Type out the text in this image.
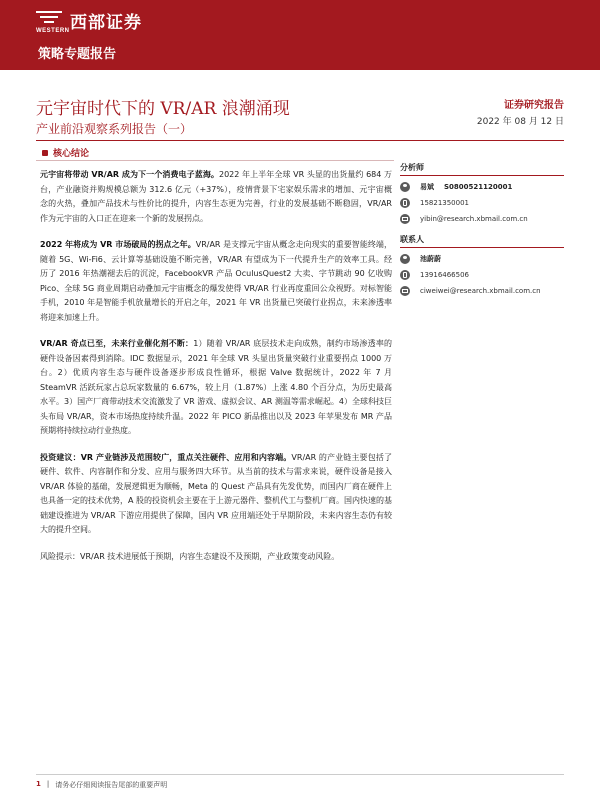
西部证券
WESTERN
策略专题报告
元宇宙时代下的 VR/AR 浪潮涌现
产业前沿观察系列报告（一）
证券研究报告
2022 年 08 月 12 日
核心结论

元宇宙将带动 VR/AR 成为下一个消费电子蓝海。2022 年上半年全球 VR 头显的出货量约 684 万台，产业融资并购规模总额为 312.6 亿元（+37%），疫情背景下宅家娱乐需求的增加、元宇宙概念的火热，叠加产品技术与性价比的提升，内容生态更为完善，行业的发展基础不断稳固，VR/AR 作为元宇宙的入口正在迎来一个新的发展拐点。

2022 年将成为 VR 市场破局的拐点之年。VR/AR 是支撑元宇宙从概念走向现实的重要智能终端，随着 5G、Wi-Fi6、云计算等基础设施不断完善，VR/AR 有望成为下一代提升生产的效率工具。经历了 2016 年热潮褪去后的沉淀，FacebookVR 产品 OculusQuest2 大卖、字节跳动 90 亿收购 Pico、全球 5G 商业周期启动叠加元宇宙概念的爆发使得 VR/AR 行业再度重回公众视野。对标智能手机，2010 年是智能手机放量增长的开启之年，2021 年 VR 出货量已突破行业拐点，未来渗透率将迎来加速上升。

VR/AR 奇点已至，未来行业催化剂不断：1）随着 VR/AR 底层技术走向成熟，制约市场渗透率的硬件设备因素得到消除。IDC 数据显示，2021 年全球 VR 头显出货量突破行业重要拐点 1000 万台。2）优质内容生态与硬件设备逐步形成良性循环，根据 Valve 数据统计，2022 年 7 月 SteamVR 活跃玩家占总玩家数量的 6.67%，较上月（1.87%）上涨 4.80 个百分点，为历史最高水平。3）国产厂商带动技术交流激发了 VR 游戏、虚拟会议、AR 测温等需求崛起。4）全球科技巨头布局 VR/AR，资本市场热度持续升温。2022 年 PICO 新品推出以及 2023 年苹果发布 MR 产品预期将持续拉动行业热度。

投资建议：VR 产业链涉及范围较广，重点关注硬件、应用和内容端。VR/AR 的产业链主要包括了硬件、软件、内容制作和分发、应用与服务四大环节。从当前的技术与需求来说，硬件设备是接入 VR/AR 体验的基础，发展逻辑更为顺畅，Meta 的 Quest 产品具有先发优势，而国内厂商在硬件上也具备一定的技术优势，A 股的投资机会主要在于上游元器件、整机代工与整机厂商。国内快速的基础建设推进为 VR/AR 下游应用提供了保障，国内 VR 应用端还处于早期阶段，未来内容生态仍有较大的提升空间。

风险提示：VR/AR 技术进展低于预期，内容生态建设不及预期，产业政策变动风险。

分析师
易斌 S0800521120001
15821350001
yibin@research.xbmail.com.cn
联系人
池蔚蔚
13916466506
ciweiwei@research.xbmail.com.cn
1 | 请务必仔细阅读报告尾部的重要声明
